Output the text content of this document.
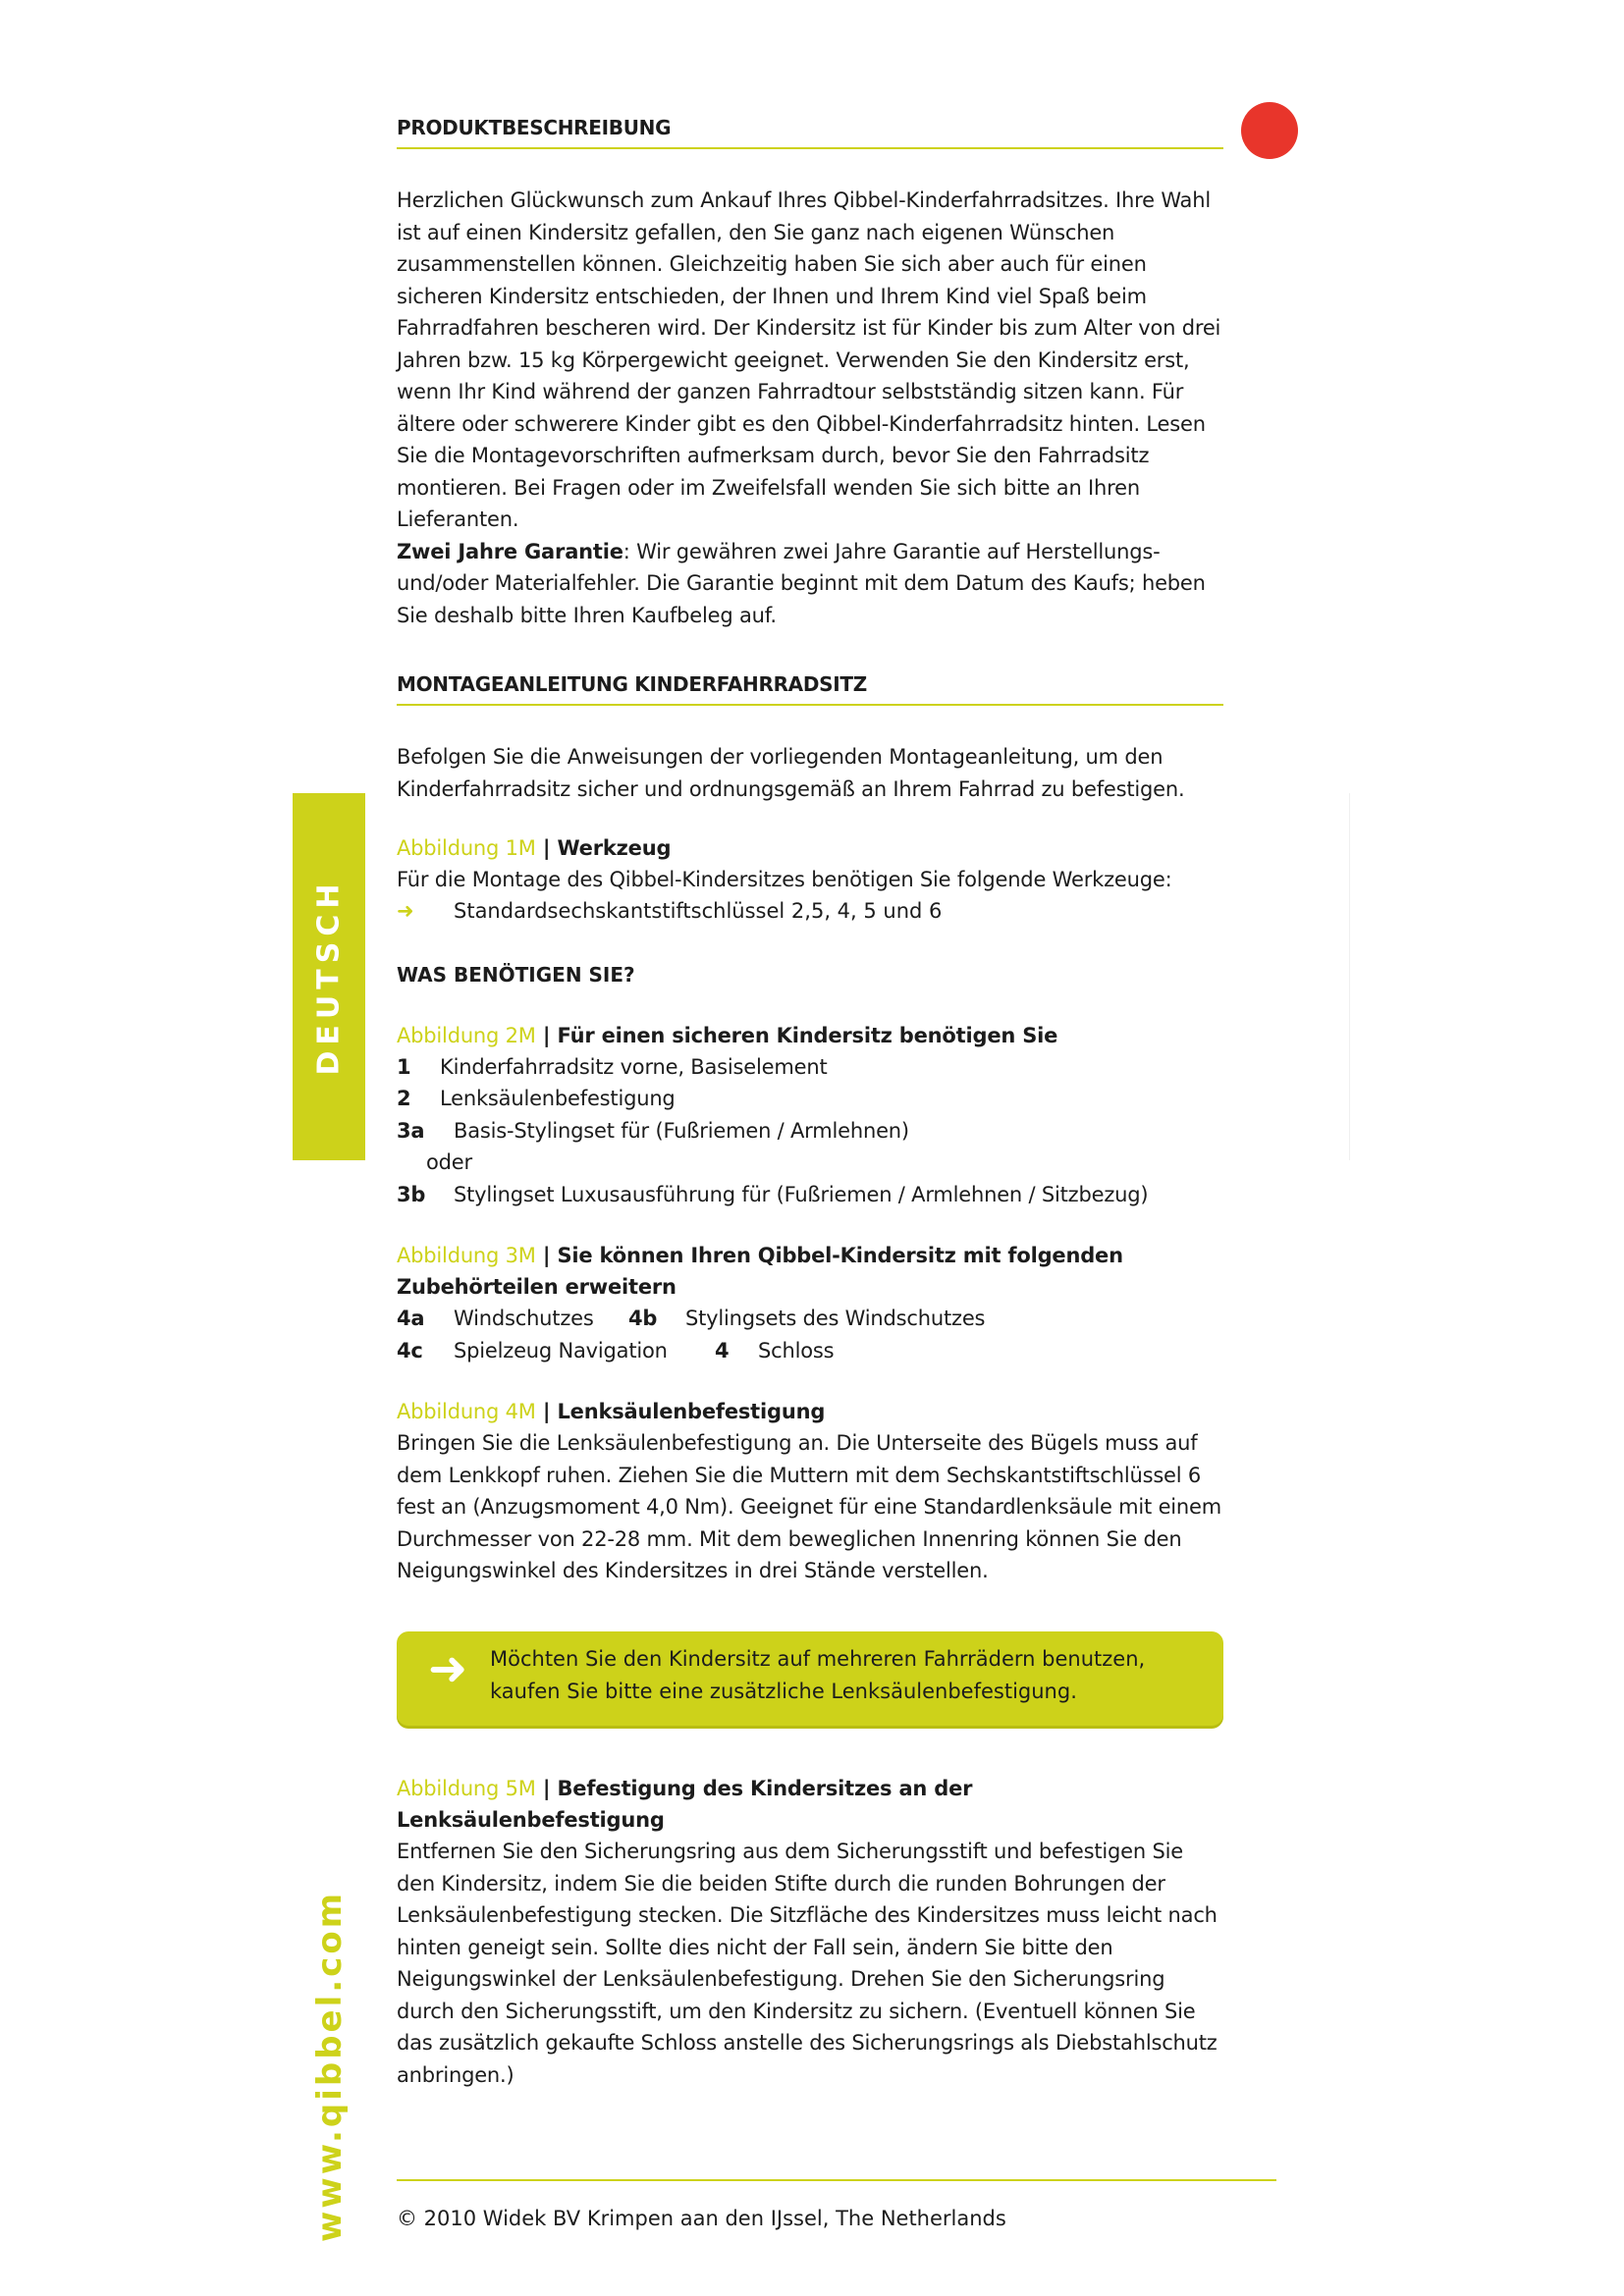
DEUTSCH
www.qibbel.com
PRODUKTBESCHREIBUNG

Herzlichen Glückwunsch zum Ankauf Ihres Qibbel-Kinderfahrradsitzes. Ihre Wahl ist auf einen Kindersitz gefallen, den Sie ganz nach eigenen Wünschen zusammenstellen können. Gleichzeitig haben Sie sich aber auch für einen sicheren Kindersitz entschieden, der Ihnen und Ihrem Kind viel Spaß beim Fahrradfahren bescheren wird. Der Kindersitz ist für Kinder bis zum Alter von drei Jahren bzw. 15 kg Körpergewicht geeignet. Verwenden Sie den Kindersitz erst, wenn Ihr Kind während der ganzen Fahrradtour selbstständig sitzen kann. Für ältere oder schwerere Kinder gibt es den Qibbel-Kinderfahrradsitz hinten. Lesen Sie die Montagevorschriften aufmerksam durch, bevor Sie den Fahrradsitz montieren. Bei Fragen oder im Zweifelsfall wenden Sie sich bitte an Ihren Lieferanten.

Zwei Jahre Garantie: Wir gewähren zwei Jahre Garantie auf Herstellungs- und/oder Materialfehler. Die Garantie beginnt mit dem Datum des Kaufs; heben Sie deshalb bitte Ihren Kaufbeleg auf.

MONTAGEANLEITUNG KINDERFAHRRADSITZ

Befolgen Sie die Anweisungen der vorliegenden Montageanleitung, um den Kinderfahrradsitz sicher und ordnungsgemäß an Ihrem Fahrrad zu befestigen.

Abbildung 1M | Werkzeug

Für die Montage des Qibbel-Kindersitzes benötigen Sie folgende Werkzeuge:

➜	Standardsechskantstiftschlüssel 2,5, 4, 5 und 6

WAS BENÖTIGEN SIE?

Abbildung 2M | Für einen sicheren Kindersitz benötigen Sie

1	Kinderfahrradsitz vorne, Basiselement
2	Lenksäulenbefestigung
3a	Basis-Stylingset für (Fußriemen / Armlehnen)
oder
3b	Stylingset Luxusausführung für (Fußriemen / Armlehnen / Sitzbezug)

Abbildung 3M | Sie können Ihren Qibbel-Kindersitz mit folgenden
Zubehörteilen erweitern

4a	Windschutzes	4b	Stylingsets des Windschutzes
4c	Spielzeug Navigation	4	Schloss

Abbildung 4M | Lenksäulenbefestigung

Bringen Sie die Lenksäulenbefestigung an. Die Unterseite des Bügels muss auf dem Lenkkopf ruhen. Ziehen Sie die Muttern mit dem Sechskantstiftschlüssel 6 fest an (Anzugsmoment 4,0 Nm). Geeignet für eine Standardlenksäule mit einem Durchmesser von 22-28 mm. Mit dem beweglichen Innenring können Sie den Neigungswinkel des Kindersitzes in drei Stände verstellen.

➜ Möchten Sie den Kindersitz auf mehreren Fahrrädern benutzen, kaufen Sie bitte eine zusätzliche Lenksäulenbefestigung.

Abbildung 5M | Befestigung des Kindersitzes an der Lenksäulenbefestigung

Entfernen Sie den Sicherungsring aus dem Sicherungsstift und befestigen Sie den Kindersitz, indem Sie die beiden Stifte durch die runden Bohrungen der Lenksäulenbefestigung stecken. Die Sitzfläche des Kindersitzes muss leicht nach hinten geneigt sein. Sollte dies nicht der Fall sein, ändern Sie bitte den Neigungswinkel der Lenksäulenbefestigung. Drehen Sie den Sicherungsring durch den Sicherungsstift, um den Kindersitz zu sichern. (Eventuell können Sie das zusätzlich gekaufte Schloss anstelle des Sicherungsrings als Diebstahlschutz anbringen.)

© 2010 Widek BV Krimpen aan den IJssel, The Netherlands
